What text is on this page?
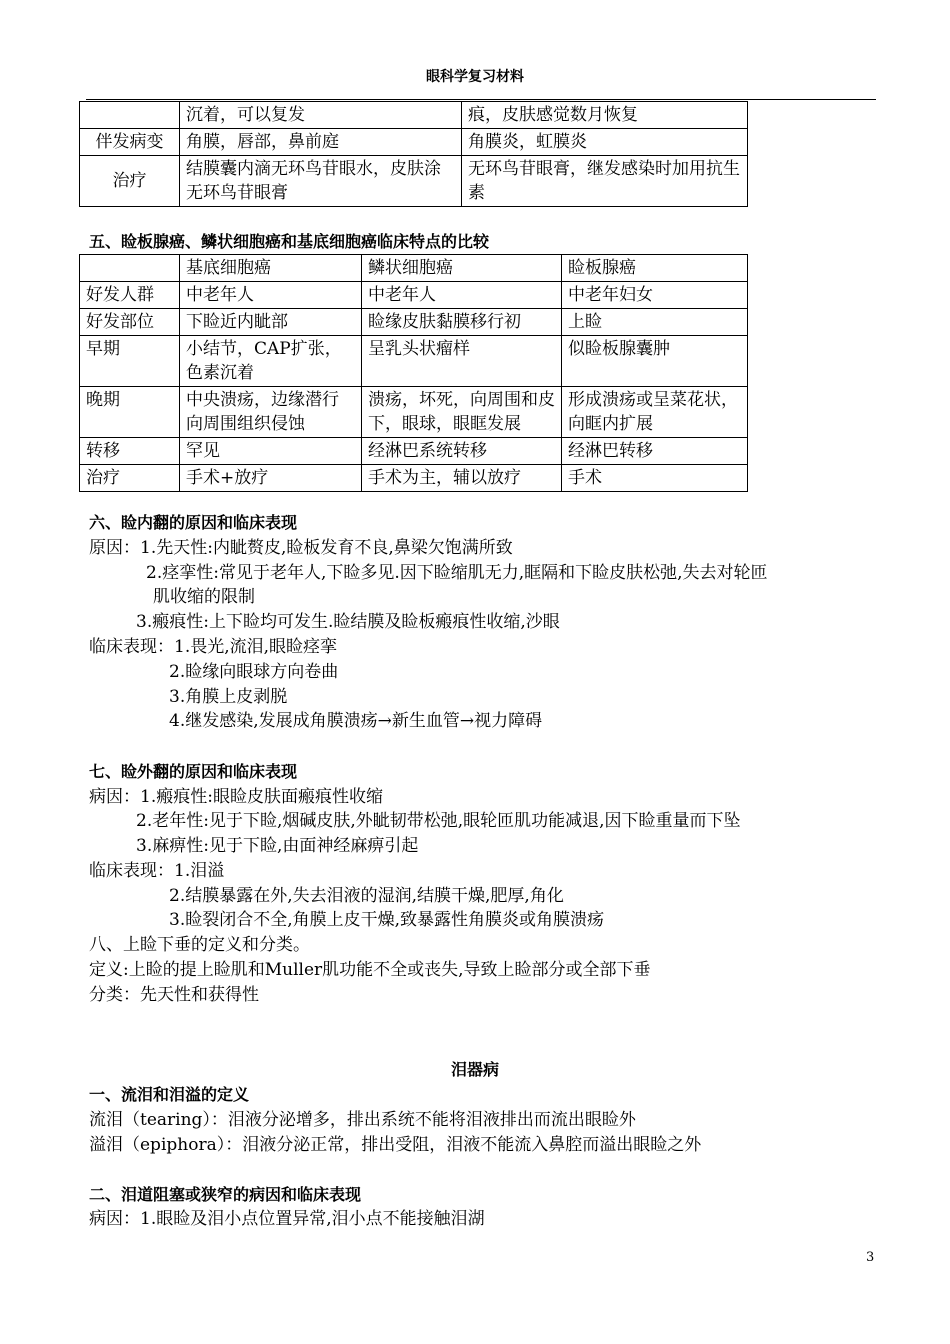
眼科学复习材料
	沉着，可以复发	痕，皮肤感觉数月恢复
伴发病变	角膜，唇部，鼻前庭	角膜炎，虹膜炎
治疗	结膜囊内滴无环鸟苷眼水，皮肤涂无环鸟苷眼膏	无环鸟苷眼膏，继发感染时加用抗生素
五、睑板腺癌、鳞状细胞癌和基底细胞癌临床特点的比较
	基底细胞癌	鳞状细胞癌	睑板腺癌
好发人群	中老年人	中老年人	中老年妇女
好发部位	下睑近内眦部	睑缘皮肤黏膜移行初	上睑
早期	小结节，CAP扩张，色素沉着	呈乳头状瘤样	似睑板腺囊肿
晚期	中央溃疡，边缘潜行向周围组织侵蚀	溃疡，坏死，向周围和皮下，眼球，眼眶发展	形成溃疡或呈菜花状，向眶内扩展
转移	罕见	经淋巴系统转移	经淋巴转移
治疗	手术+放疗	手术为主，辅以放疗	手术
六、睑内翻的原因和临床表现
原因：1.先天性:内眦赘皮,睑板发育不良,鼻梁欠饱满所致
2.痉挛性:常见于老年人,下睑多见.因下睑缩肌无力,眶隔和下睑皮肤松弛,失去对轮匝
肌收缩的限制
3.瘢痕性:上下睑均可发生.睑结膜及睑板瘢痕性收缩,沙眼
临床表现：1.畏光,流泪,眼睑痉挛
2.睑缘向眼球方向卷曲
3.角膜上皮剥脱
4.继发感染,发展成角膜溃疡→新生血管→视力障碍
七、睑外翻的原因和临床表现
病因：1.瘢痕性:眼睑皮肤面瘢痕性收缩
2.老年性:见于下睑,烟碱皮肤,外眦韧带松弛,眼轮匝肌功能减退,因下睑重量而下坠
3.麻痹性:见于下睑,由面神经麻痹引起
临床表现：1.泪溢
2.结膜暴露在外,失去泪液的湿润,结膜干燥,肥厚,角化
3.睑裂闭合不全,角膜上皮干燥,致暴露性角膜炎或角膜溃疡
八、上睑下垂的定义和分类。
定义:上睑的提上睑肌和Muller肌功能不全或丧失,导致上睑部分或全部下垂
分类：先天性和获得性
泪器病
一、流泪和泪溢的定义
流泪（tearing）：泪液分泌增多，排出系统不能将泪液排出而流出眼睑外
溢泪（epiphora）：泪液分泌正常，排出受阻，泪液不能流入鼻腔而溢出眼睑之外
二、泪道阻塞或狭窄的病因和临床表现
病因：1.眼睑及泪小点位置异常,泪小点不能接触泪湖
3
